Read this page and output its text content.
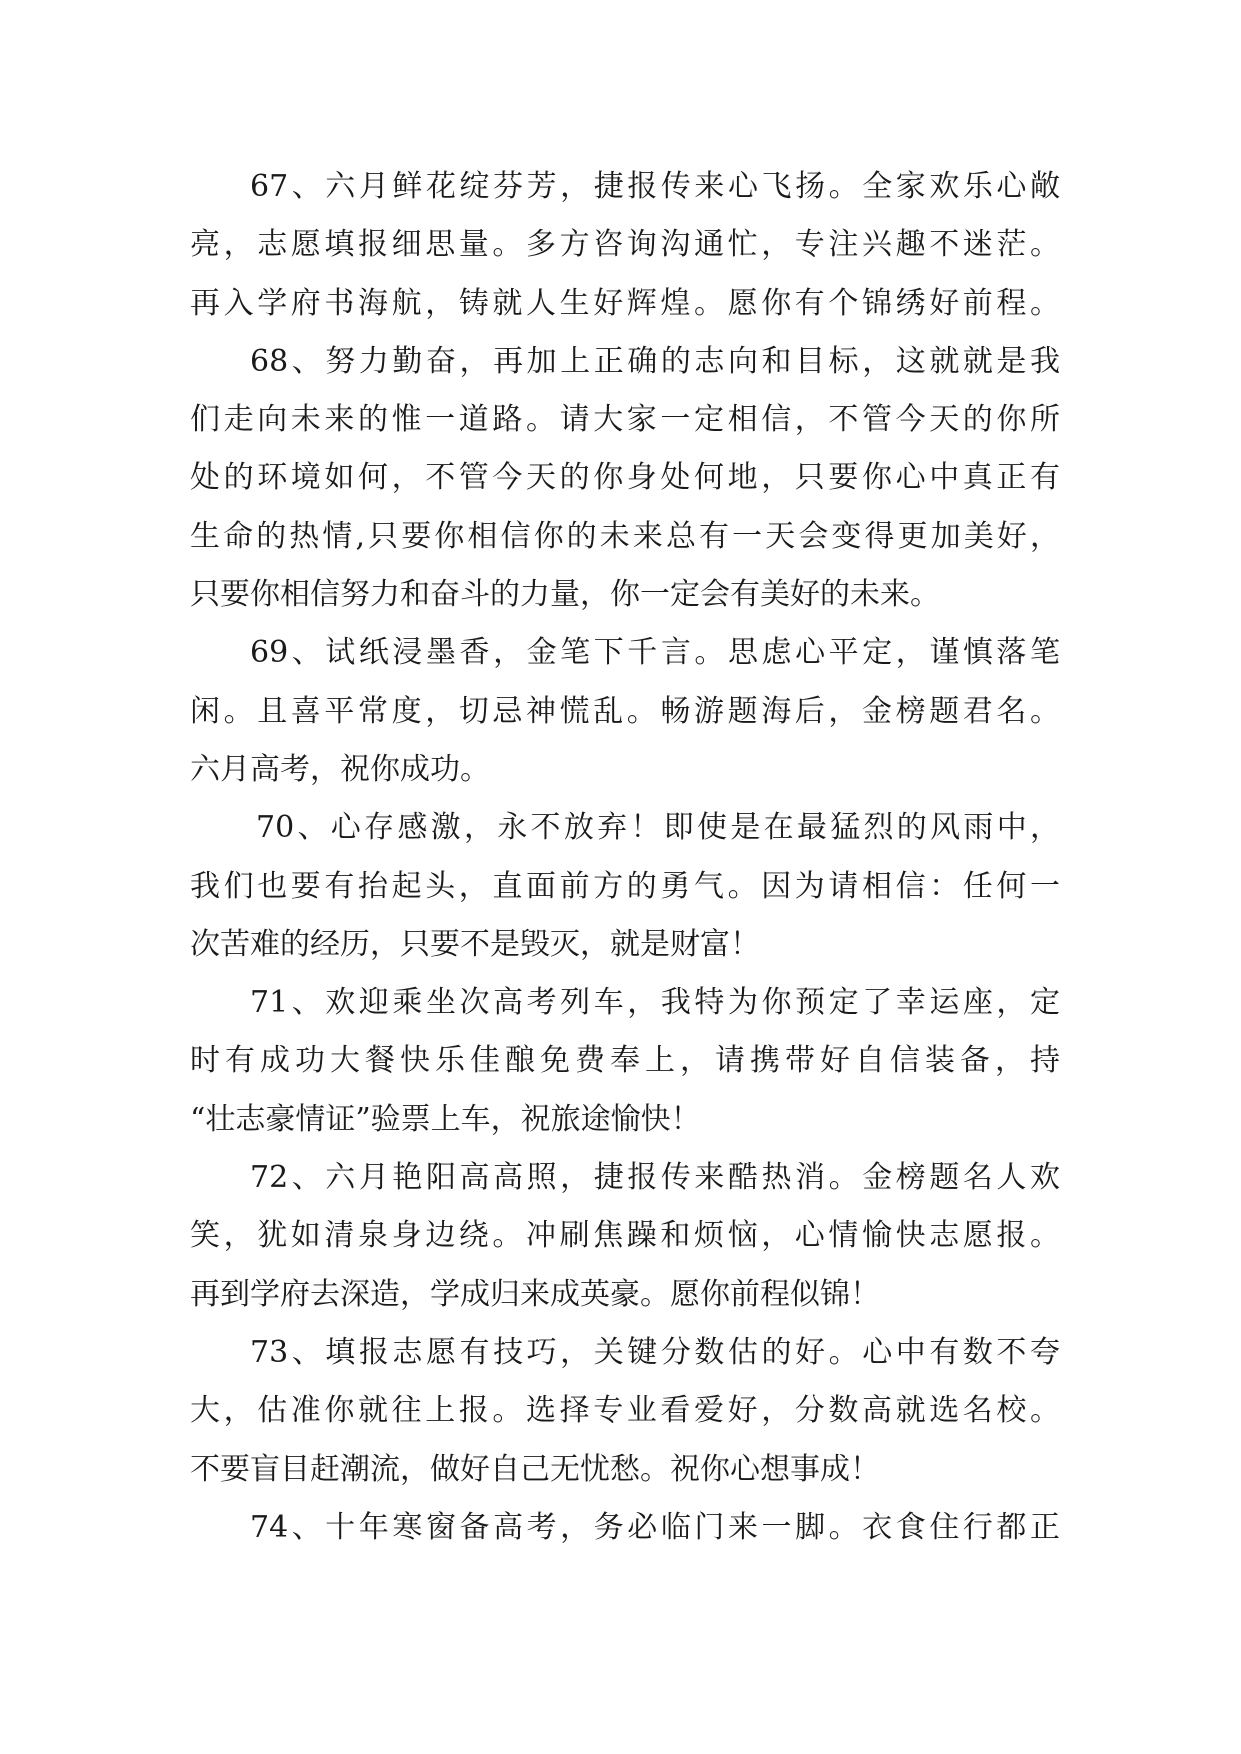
67、六月鲜花绽芬芳，捷报传来心飞扬。全家欢乐心敞
亮，志愿填报细思量。多方咨询沟通忙，专注兴趣不迷茫。
再入学府书海航，铸就人生好辉煌。愿你有个锦绣好前程。
68、努力勤奋，再加上正确的志向和目标，这就就是我
们走向未来的惟一道路。请大家一定相信，不管今天的你所
处的环境如何，不管今天的你身处何地，只要你心中真正有
生命的热情,只要你相信你的未来总有一天会变得更加美好，
只要你相信努力和奋斗的力量，你一定会有美好的未来。
69、试纸浸墨香，金笔下千言。思虑心平定，谨慎落笔
闲。且喜平常度，切忌神慌乱。畅游题海后，金榜题君名。
六月高考，祝你成功。
70、心存感激，永不放弃！即使是在最猛烈的风雨中，
我们也要有抬起头，直面前方的勇气。因为请相信：任何一
次苦难的经历，只要不是毁灭，就是财富！
71、欢迎乘坐次高考列车，我特为你预定了幸运座，定
时有成功大餐快乐佳酿免费奉上，请携带好自信装备，持
“壮志豪情证”验票上车，祝旅途愉快！
72、六月艳阳高高照，捷报传来酷热消。金榜题名人欢
笑，犹如清泉身边绕。冲刷焦躁和烦恼，心情愉快志愿报。
再到学府去深造，学成归来成英豪。愿你前程似锦！
73、填报志愿有技巧，关键分数估的好。心中有数不夸
大，估准你就往上报。选择专业看爱好，分数高就选名校。
不要盲目赶潮流，做好自己无忧愁。祝你心想事成！
74、十年寒窗备高考，务必临门来一脚。衣食住行都正
